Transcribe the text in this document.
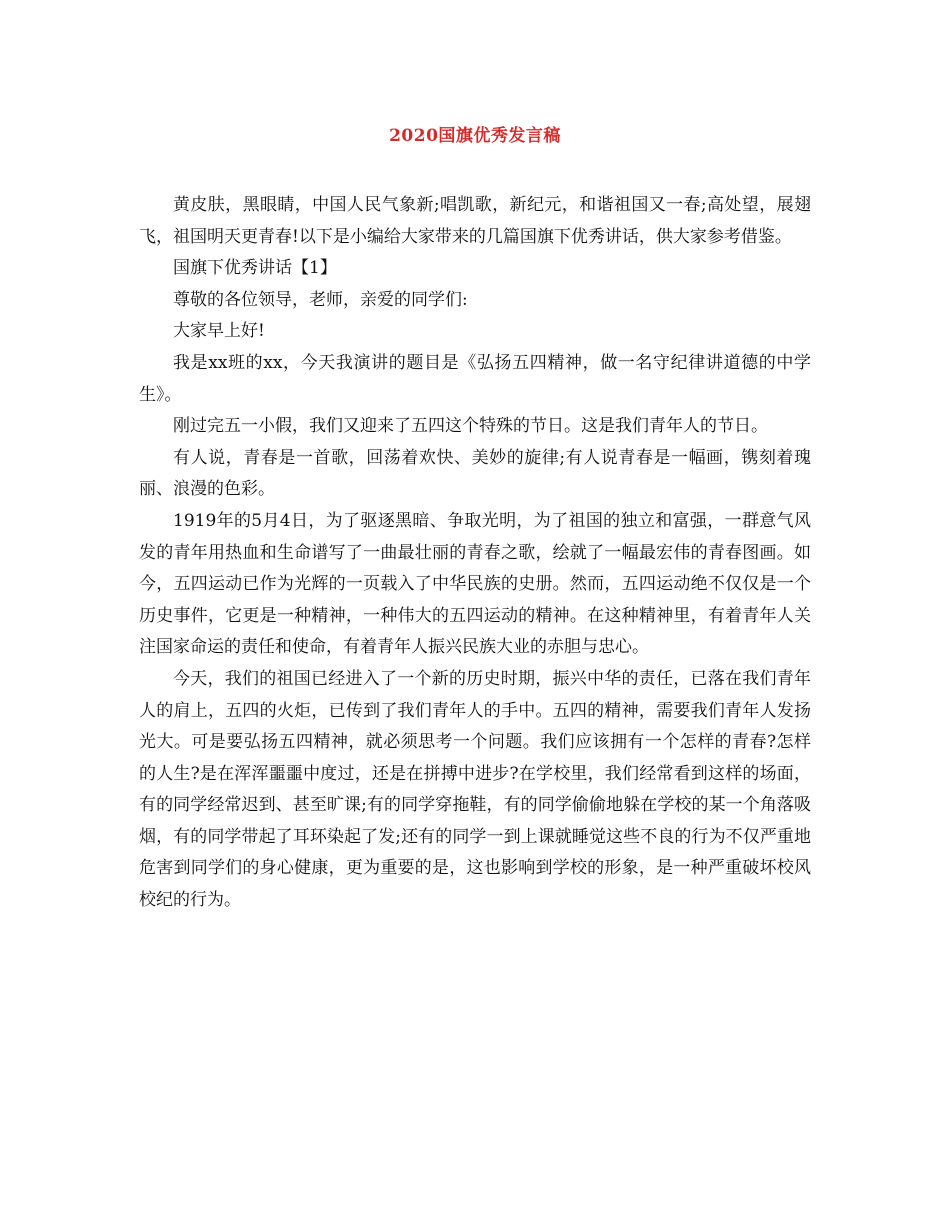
2020国旗优秀发言稿

黄皮肤，黑眼睛，中国人民气象新;唱凯歌，新纪元，和谐祖国又一春;高处望，展翅飞，祖国明天更青春!以下是小编给大家带来的几篇国旗下优秀讲话，供大家参考借鉴。

国旗下优秀讲话【1】

尊敬的各位领导，老师，亲爱的同学们:

大家早上好!

我是xx班的xx，今天我演讲的题目是《弘扬五四精神，做一名守纪律讲道德的中学生》。

刚过完五一小假，我们又迎来了五四这个特殊的节日。这是我们青年人的节日。

有人说，青春是一首歌，回荡着欢快、美妙的旋律;有人说青春是一幅画，镌刻着瑰丽、浪漫的色彩。

1919年的5月4日，为了驱逐黑暗、争取光明，为了祖国的独立和富强，一群意气风发的青年用热血和生命谱写了一曲最壮丽的青春之歌，绘就了一幅最宏伟的青春图画。如今，五四运动已作为光辉的一页载入了中华民族的史册。然而，五四运动绝不仅仅是一个历史事件，它更是一种精神，一种伟大的五四运动的精神。在这种精神里，有着青年人关注国家命运的责任和使命，有着青年人振兴民族大业的赤胆与忠心。

今天，我们的祖国已经进入了一个新的历史时期，振兴中华的责任，已落在我们青年人的肩上，五四的火炬，已传到了我们青年人的手中。五四的精神，需要我们青年人发扬光大。可是要弘扬五四精神，就必须思考一个问题。我们应该拥有一个怎样的青春?怎样的人生?是在浑浑噩噩中度过，还是在拼搏中进步?在学校里，我们经常看到这样的场面，有的同学经常迟到、甚至旷课;有的同学穿拖鞋，有的同学偷偷地躲在学校的某一个角落吸烟，有的同学带起了耳环染起了发;还有的同学一到上课就睡觉这些不良的行为不仅严重地危害到同学们的身心健康，更为重要的是，这也影响到学校的形象，是一种严重破坏校风校纪的行为。
